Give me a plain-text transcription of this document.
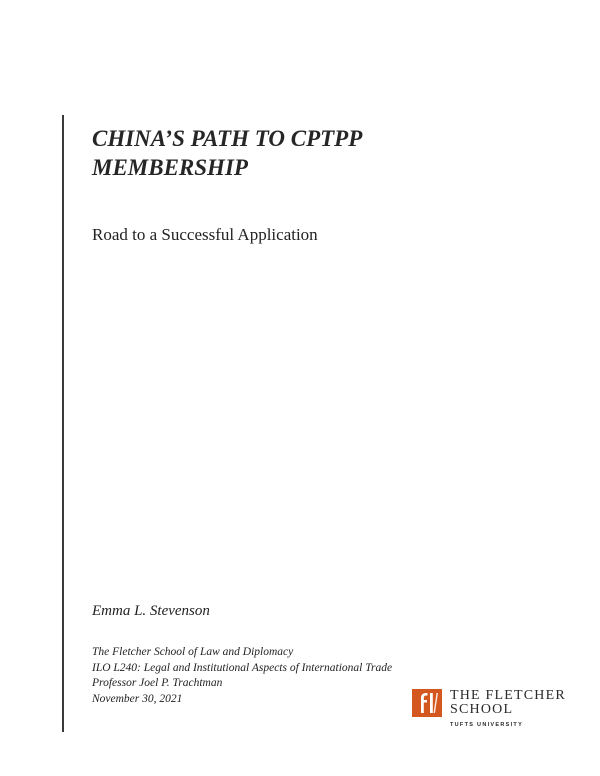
CHINA’S PATH TO CPTPP
MEMBERSHIP

Road to a Successful Application

Emma L. Stevenson

The Fletcher School of Law and Diplomacy
ILO L240: Legal and Institutional Aspects of International Trade
Professor Joel P. Trachtman
November 30, 2021	THE FLETCHER
SCHOOL
TUFTS UNIVERSITY
